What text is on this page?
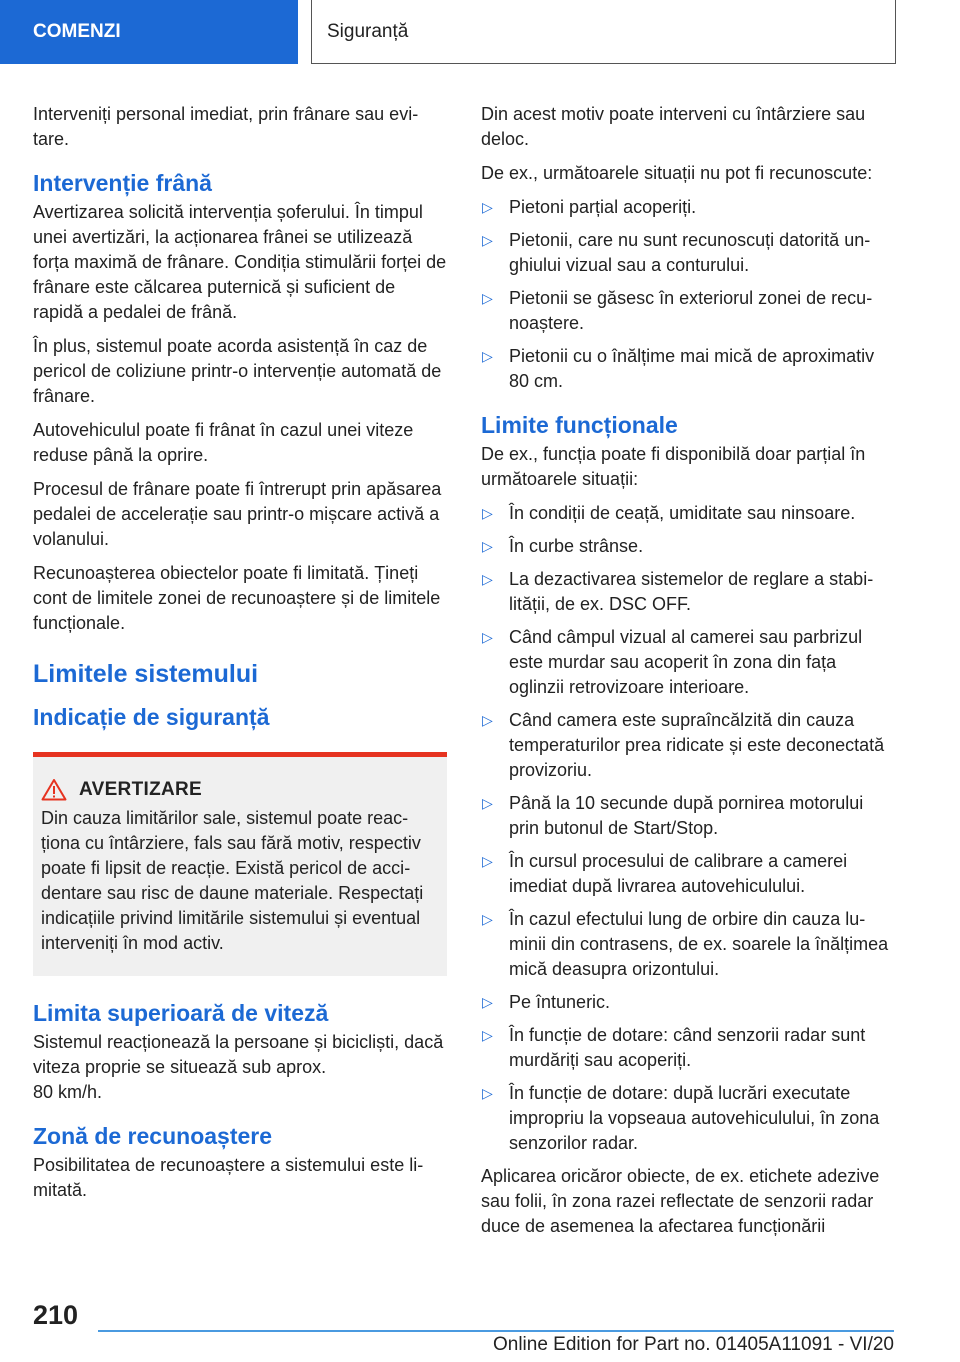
COMENZI	Siguranță

Interveniți personal imediat, prin frânare sau evitare.

Intervenție frână

Avertizarea solicită intervenția șoferului. În timpul unei avertizări, la acționarea frânei se utilizează forța maximă de frânare. Condiția stimulării forței de frânare este călcarea puternică și suficient de rapidă a pedalei de frână.

În plus, sistemul poate acorda asistență în caz de pericol de coliziune printr-o intervenție automată de frânare.

Autovehiculul poate fi frânat în cazul unei viteze reduse până la oprire.

Procesul de frânare poate fi întrerupt prin apăsarea pedalei de accelerație sau printr-o mișcare activă a volanului.

Recunoașterea obiectelor poate fi limitată. Țineți cont de limitele zonei de recunoaștere și de limitele funcționale.

Limitele sistemului
Indicație de siguranță
AVERTIZARE

Din cauza limitărilor sale, sistemul poate reacționa cu întârziere, fals sau fără motiv, respectiv poate fi lipsit de reacție. Există pericol de accidentare sau risc de daune materiale. Respectați indicațiile privind limitările sistemului și eventual interveniți în mod activ.

Limita superioară de viteză

Sistemul reacționează la persoane și bicicliști, dacă viteza proprie se situează sub aprox.

80 km/h.

Zonă de recunoaștere

Posibilitatea de recunoaștere a sistemului este limitată.

Din acest motiv poate interveni cu întârziere sau deloc.

De ex., următoarele situații nu pot fi recunoscute:

▷ Pietoni parțial acoperiți.
▷ Pietonii, care nu sunt recunoscuți datorită unghiului vizual sau a conturului.
▷ Pietonii se găsesc în exteriorul zonei de recunoaștere.
▷ Pietonii cu o înălțime mai mică de aproximativ 80 cm.
Limite funcționale

De ex., funcția poate fi disponibilă doar parțial în următoarele situații:

▷ În condiții de ceață, umiditate sau ninsoare.
▷ În curbe strânse.
▷ La dezactivarea sistemelor de reglare a stabilității, de ex. DSC OFF.
▷ Când câmpul vizual al camerei sau parbrizul este murdar sau acoperit în zona din fața oglinzii retrovizoare interioare.
▷ Când camera este supraîncălzită din cauza temperaturilor prea ridicate și este deconectată provizoriu.
▷ Până la 10 secunde după pornirea motorului prin butonul de Start/Stop.
▷ În cursul procesului de calibrare a camerei imediat după livrarea autovehiculului.
▷ În cazul efectului lung de orbire din cauza luminii din contrasens, de ex. soarele la înălțimea mică deasupra orizontului.
▷ Pe întuneric.
▷ În funcție de dotare: când senzorii radar sunt murdăriți sau acoperiți.
▷ În funcție de dotare: după lucrări executate impropriu la vopseaua autovehiculului, în zona senzorilor radar.

Aplicarea oricăror obiecte, de ex. etichete adezive sau folii, în zona razei reflectate de senzorii radar duce de asemenea la afectarea funcționării

210
Online Edition for Part no. 01405A11091 - VI/20
